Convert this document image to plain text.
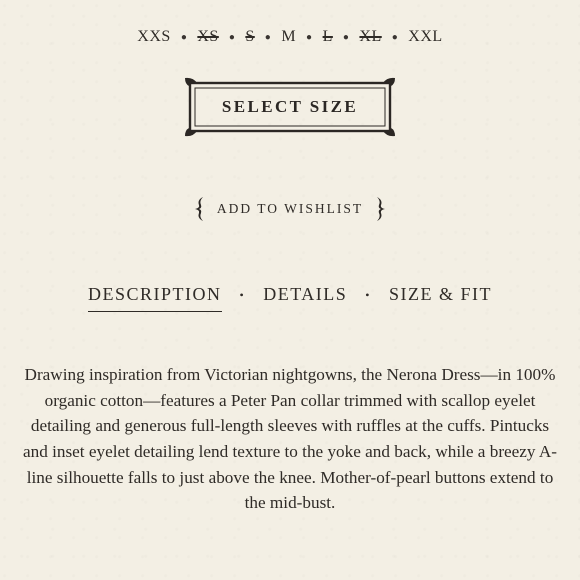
XXS	● XS	● S	● M	● L	● XL	● XXL
SELECT SIZE
ADD TO WISHLIST
DESCRIPTION	•	DETAILS	•	SIZE & FIT

Drawing inspiration from Victorian nightgowns, the Nerona Dress—in 100% organic cotton—features a Peter Pan collar trimmed with scallop eyelet detailing and generous full-length sleeves with ruffles at the cuffs. Pintucks and inset eyelet detailing lend texture to the yoke and back, while a breezy A-line silhouette falls to just above the knee. Mother-of-pearl buttons extend to the mid-bust.
